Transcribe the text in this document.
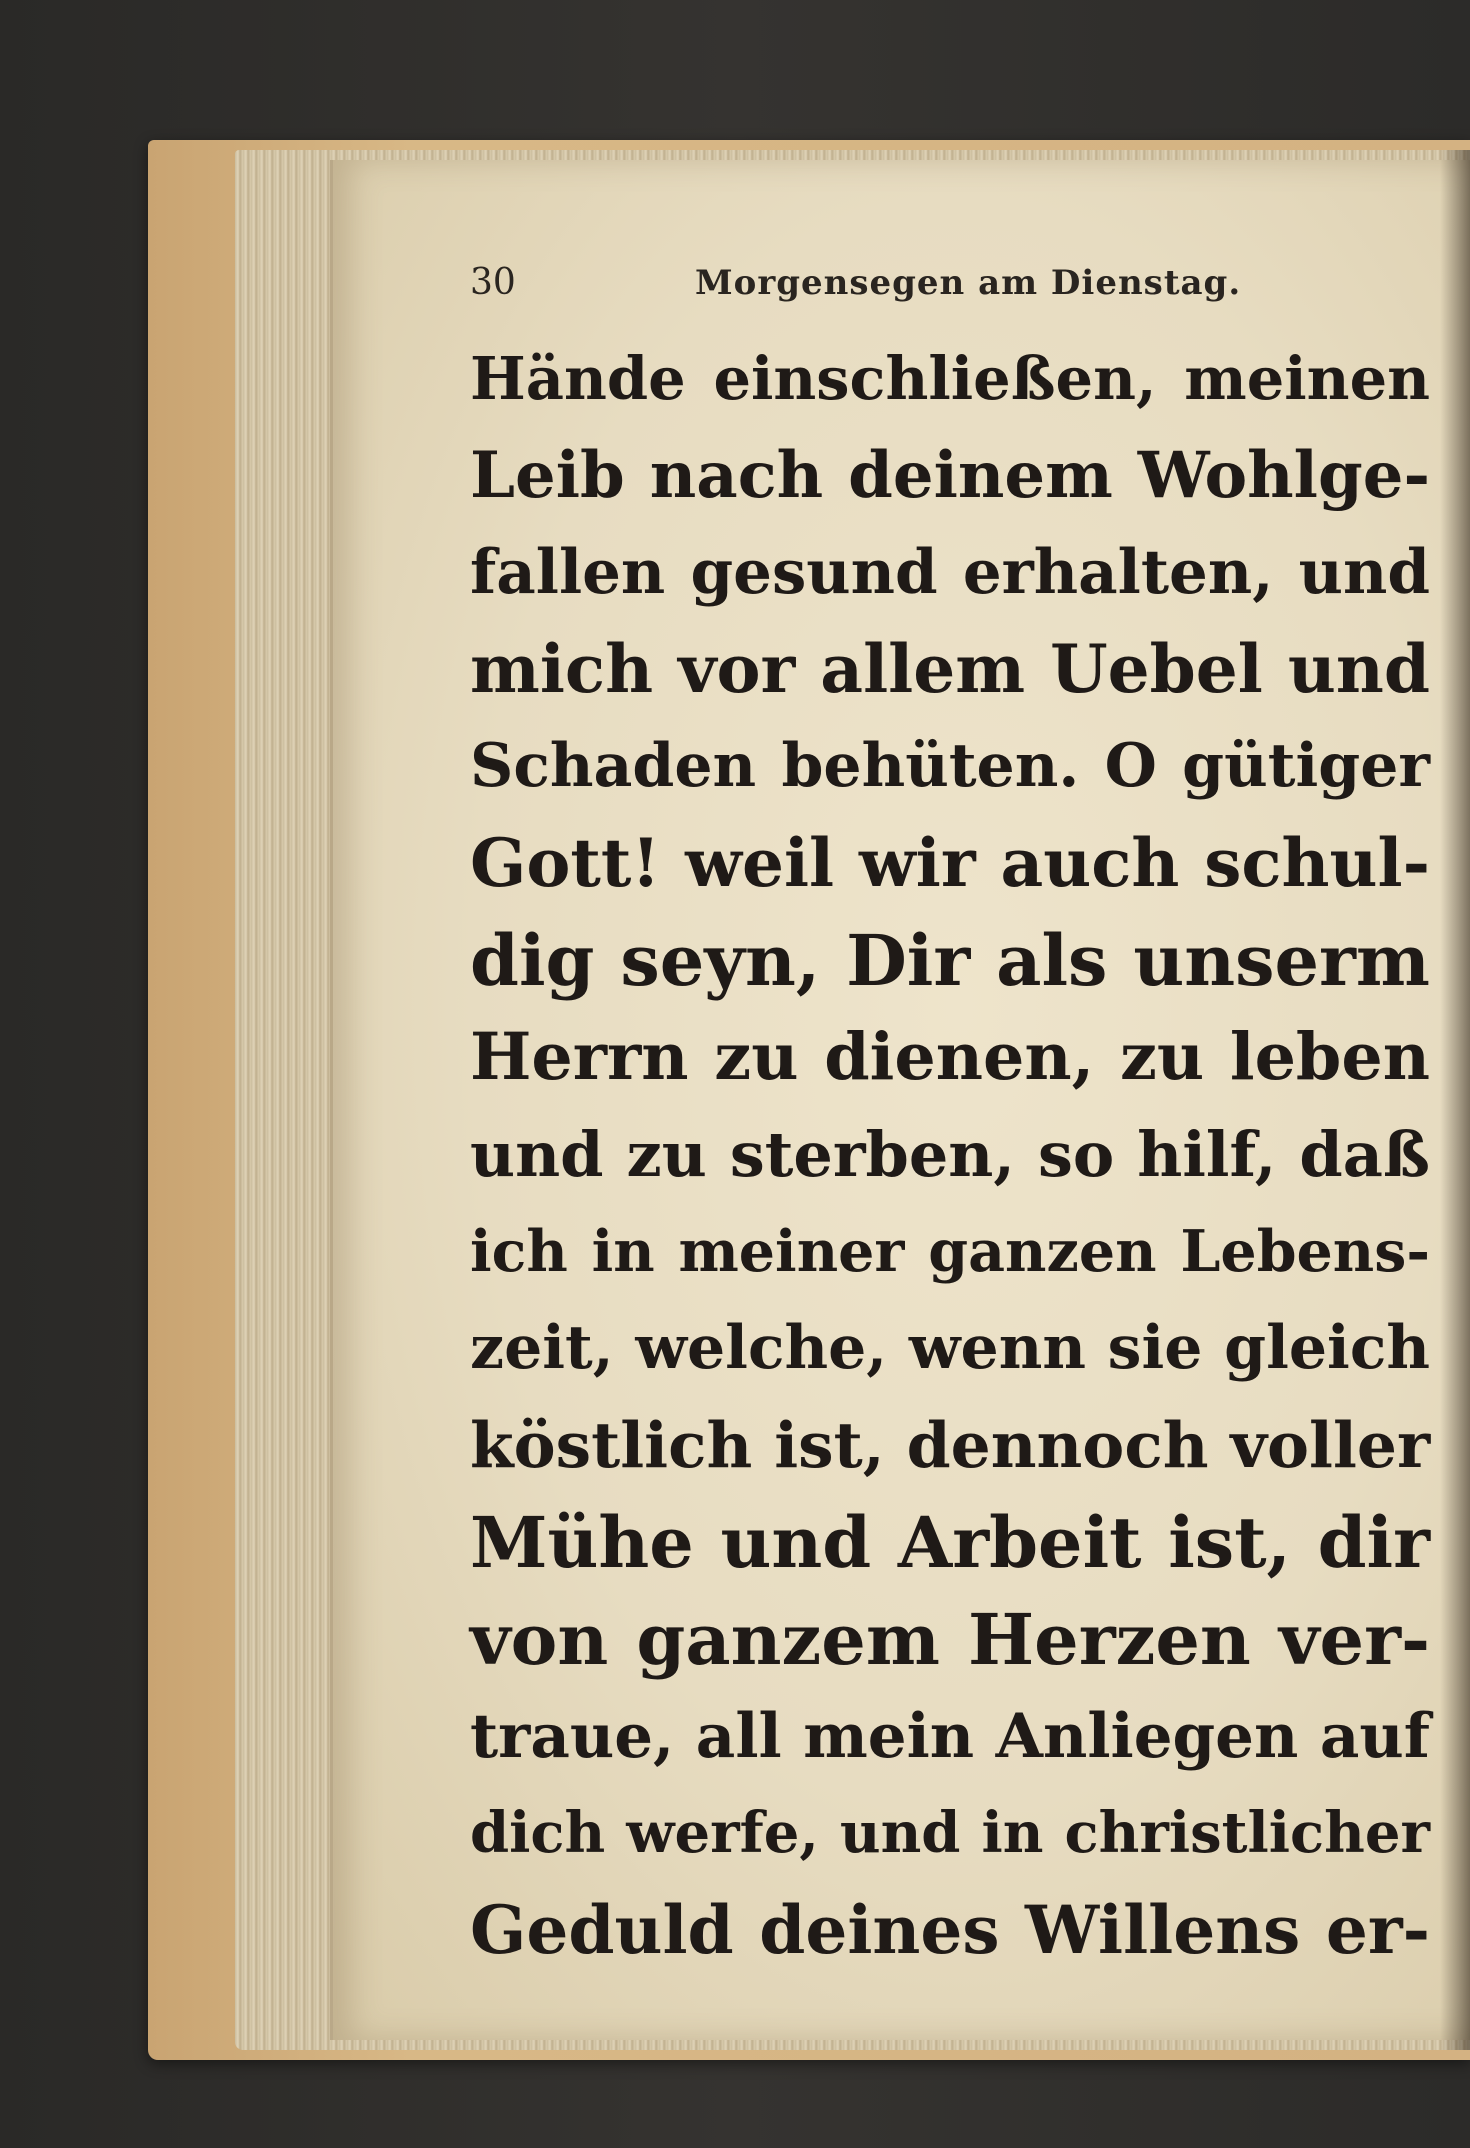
30	Morgensegen am Dienstag.
Hände einschließen, meinen
Leib nach deinem Wohlge-
fallen gesund erhalten, und
mich vor allem Uebel und
Schaden behüten. O gütiger
Gott! weil wir auch schul-
dig seyn, Dir als unserm
Herrn zu dienen, zu leben
und zu sterben, so hilf, daß
ich in meiner ganzen Lebens-
zeit, welche, wenn sie gleich
köstlich ist, dennoch voller
Mühe und Arbeit ist, dir
von ganzem Herzen ver-
traue, all mein Anliegen auf
dich werfe, und in christlicher
Geduld deines Willens er-
